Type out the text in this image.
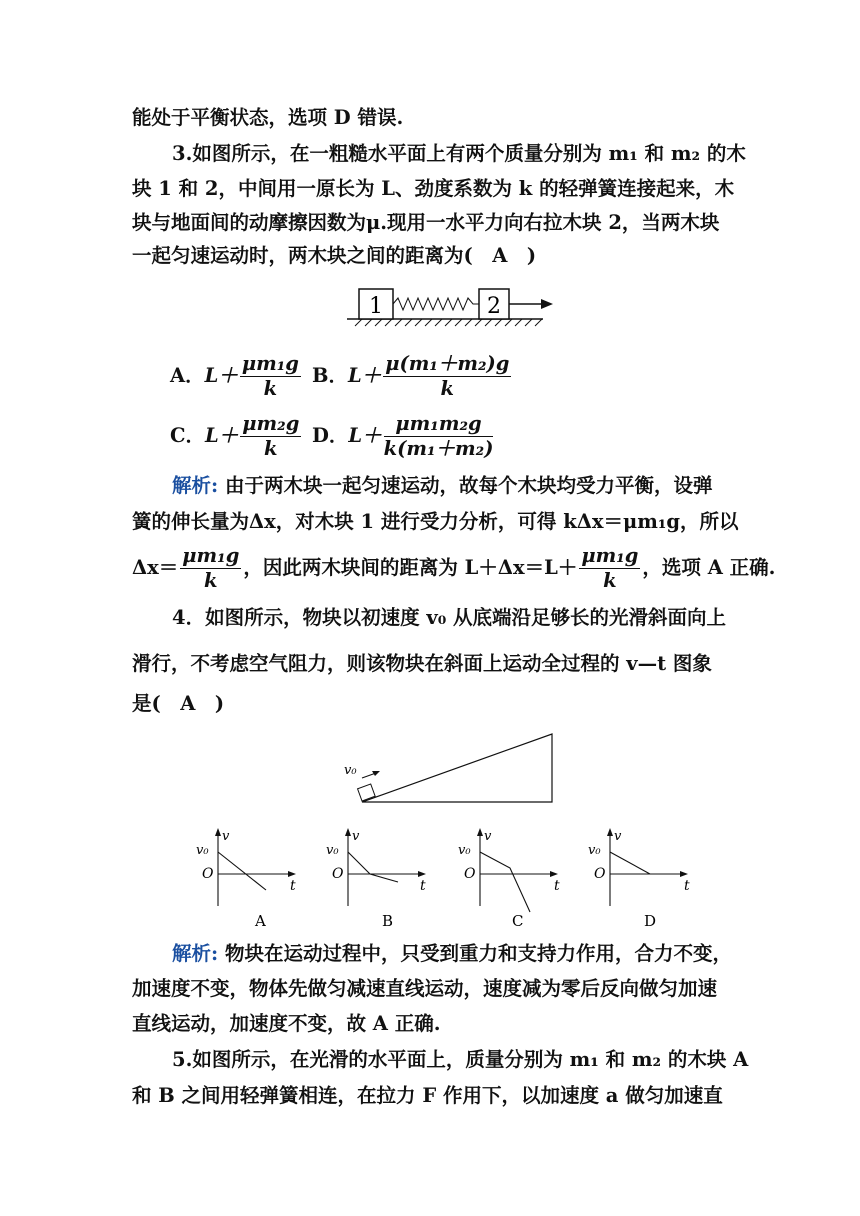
能处于平衡状态，选项 D 错误.
3.如图所示，在一粗糙水平面上有两个质量分别为 m₁ 和 m₂ 的木
块 1 和 2，中间用一原长为 L、劲度系数为 k 的轻弹簧连接起来，木
块与地面间的动摩擦因数为μ.现用一水平力向右拉木块 2，当两木块
一起匀速运动时，两木块之间的距离为(　A　)
1	2
A．$L+ \frac{\text{μm₁g}}{k}$ B．$L+ \frac{\text{μ(m₁＋m₂)g}}{k}$
C．$L+ \frac{\text{μm₂g}}{k}$ D．$L+ \frac{\text{μm₁m₂g}}{\text{k(m₁＋m₂)}}$
解析: 由于两木块一起匀速运动，故每个木块均受力平衡，设弹
簧的伸长量为Δx，对木块 1 进行受力分析，可得 kΔx＝μm₁g，所以
$\Delta x= \frac{\text{μm₁g}}{k}$ ，因此两木块间的距离为 $L+\Delta x=L+ \frac{\text{μm₁g}}{k}$ ，选项 A 正确.
4．如图所示，物块以初速度 v₀ 从底端沿足够长的光滑斜面向上
滑行，不考虑空气阻力，则该物块在斜面上运动全过程的 v—t 图象
是(　A　)
v₀
v₀
v
O
t
A
v₀
v
O
t
B
v₀
v
O
t
C
v₀
v
O
t
D
解析: 物块在运动过程中，只受到重力和支持力作用，合力不变，
加速度不变，物体先做匀减速直线运动，速度减为零后反向做匀加速
直线运动，加速度不变，故 A 正确.
5.如图所示，在光滑的水平面上，质量分别为 m₁ 和 m₂ 的木块 A
和 B 之间用轻弹簧相连，在拉力 F 作用下，以加速度 a 做匀加速直
